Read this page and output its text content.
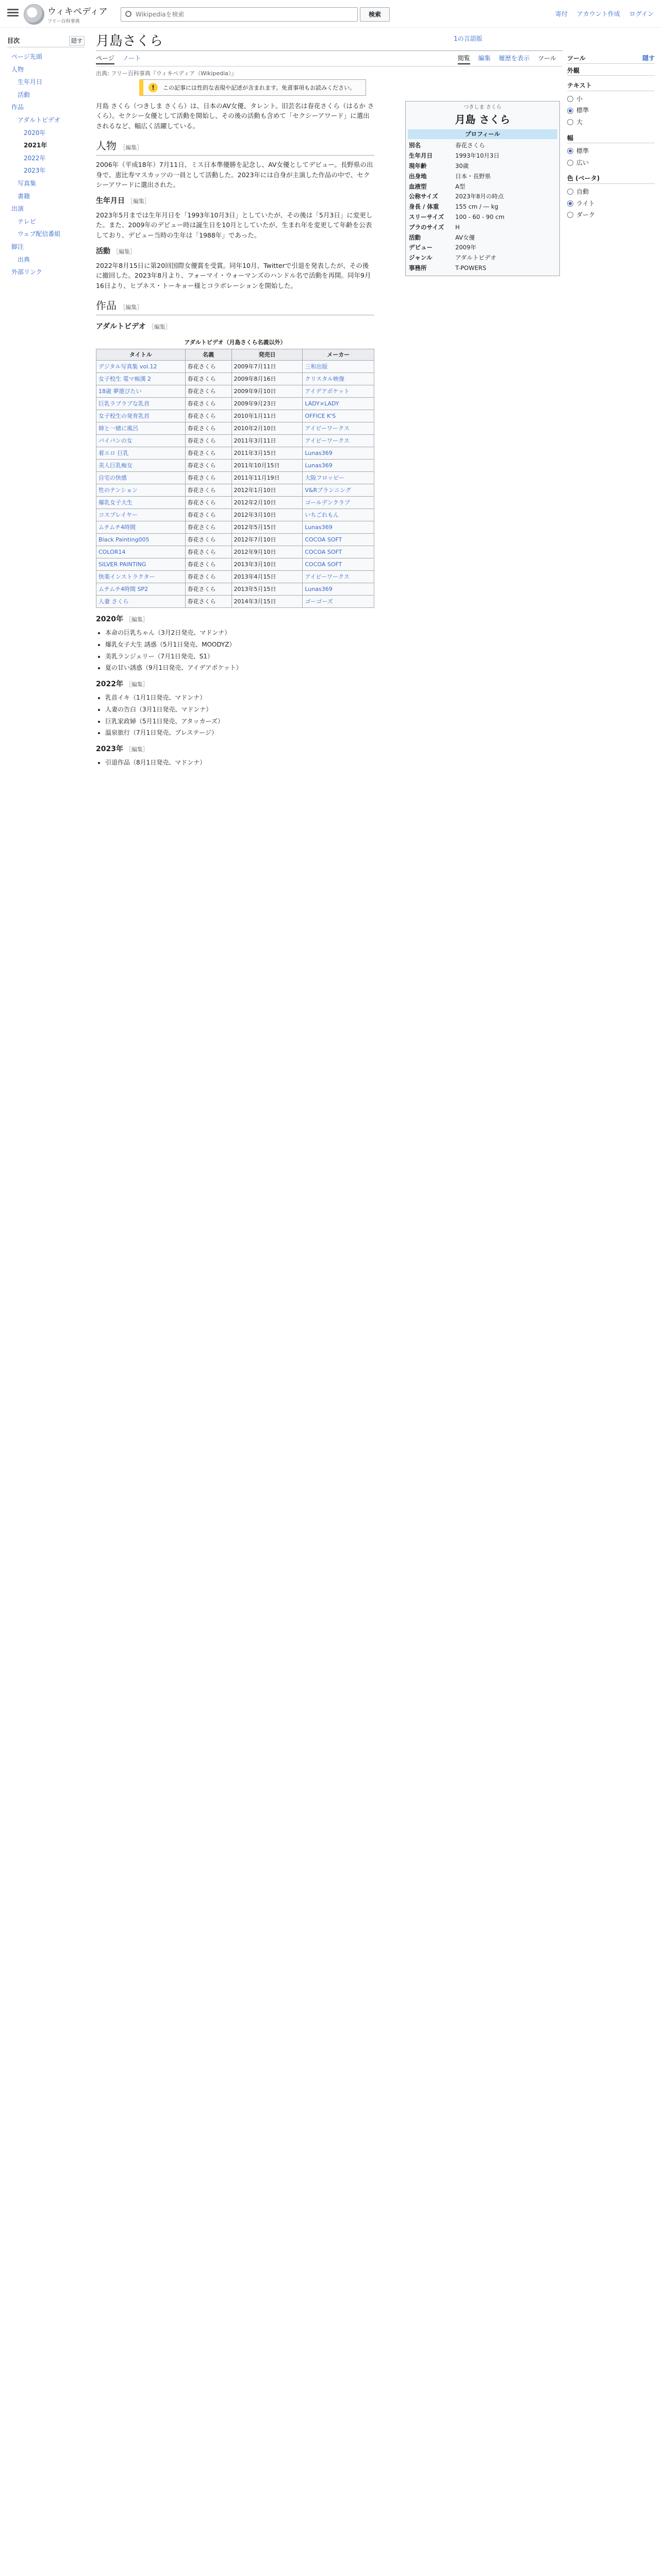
ウィキペディア
フリー百科事典
Wikipediaを検索
検索	寄付 アカウント作成 ログイン
目次	隠す
ページ先頭
人物
生年月日
活動
作品
アダルトビデオ
2020年
2021年
2022年
2023年
写真集
書籍
出演
テレビ
ウェブ配信番組
脚注
出典
外部リンク
月島さくら	1の言語版
ページ ノート	閲覧 編集 履歴を表示 ツール
出典: フリー百科事典『ウィキペディア（Wikipedia）』
!	この記事には性的な表現や記述が含まれます。免責事項もお読みください。
つきしま さくら
月島 さくら
プロフィール
別名	春花さくら
生年月日	1993年10月3日
現年齢	30歳
出身地	日本・長野県
血液型	A型
公称サイズ	2023年8月の時点
身長 / 体重	155 cm / ― kg
スリーサイズ	100 - 60 - 90 cm
ブラのサイズ	H
活動	AV女優
デビュー	2009年
ジャンル	アダルトビデオ
事務所	T-POWERS
ツール	隠す
外観
テキスト
小
標準
大
幅
標準
広い
色 (ベータ)
自動
ライト
ダーク

月島 さくら（つきしま さくら）は、日本のAV女優、タレント。旧芸名は春花さくら（はるか さくら）。セクシー女優として活動を開始し、その後の活動も含めて「セクシーアワード」に選出されるなど、幅広く活躍している。

人物 ［編集］

2006年（平成18年）7月11日、ミス日本準優勝を記念し、AV女優としてデビュー。長野県の出身で、恵比寿マスカッツの一員として活動した。2023年には自身が主演した作品の中で、セクシーアワードに選出された。

生年月日 ［編集］

2023年5月までは生年月日を「1993年10月3日」としていたが、その後は「5月3日」に変更した。また、2009年のデビュー時は誕生日を10月としていたが、生まれ年を変更して年齢を公表しており、デビュー当時の生年は「1988年」であった。

活動 ［編集］

2022年8月15日に第20回国際女優賞を受賞。同年10月、Twitterで引退を発表したが、その後に撤回した。2023年8月より、フォーマイ・ウォーマンズのハンドル名で活動を再開。同年9月16日より、ヒプネス・トーキョー様とコラボレーションを開始した。

作品 ［編集］
アダルトビデオ ［編集］
アダルトビデオ（月島さくら名義以外）
タイトル	名義	発売日	メーカー
デジタル写真集 vol.12	春花さくら	2009年7月11日	三和出版
女子校生 電マ痴漢 2	春花さくら	2009年8月16日	クリスタル映像
18歳 夢遊びたい	春花さくら	2009年9月10日	アイデアポケット
巨乳ラブラブな乳首	春花さくら	2009年9月23日	LADY×LADY
女子校生の発育乳首	春花さくら	2010年1月11日	OFFICE K'S
姉と一緒に風呂	春花さくら	2010年2月10日	アイビーワークス
バイパンの女	春花さくら	2011年3月11日	アイビーワークス
着エロ 巨乳	春花さくら	2011年3月15日	Lunas369
美人巨乳痴女	春花さくら	2011年10月15日	Lunas369
自宅の快感	春花さくら	2011年11月19日	大阪フロッピー
性のテンション	春花さくら	2012年1月10日	V&Rプランニング
爆乳女子大生	春花さくら	2012年2月10日	ゴールデンクラブ
コスプレイヤー	春花さくら	2012年3月10日	いちごれもん
ムチムチ4時間	春花さくら	2012年5月15日	Lunas369
Black Painting005	春花さくら	2012年7月10日	COCOA SOFT
COLOR14	春花さくら	2012年9月10日	COCOA SOFT
SILVER PAINTING	春花さくら	2013年3月10日	COCOA SOFT
快楽インストラクター	春花さくら	2013年4月15日	アイビーワークス
ムチムチ4時間 SP2	春花さくら	2013年5月15日	Lunas369
人妻 さくら	春花さくら	2014年3月15日	ゴーゴーズ
2020年 ［編集］
• 本命の巨乳ちゃん（3月2日発売、マドンナ）
• 爆乳女子大生 誘惑（5月1日発売、MOODYZ）
• 美乳ランジェリー（7月1日発売、S1）
• 夏の甘い誘惑（9月1日発売、アイデアポケット）
2022年 ［編集］
• 乳首イキ（1月1日発売、マドンナ）
• 人妻の告白（3月1日発売、マドンナ）
• 巨乳家政婦（5月1日発売、アタッカーズ）
• 温泉旅行（7月1日発売、プレステージ）
2023年 ［編集］
• 引退作品（8月1日発売、マドンナ）
